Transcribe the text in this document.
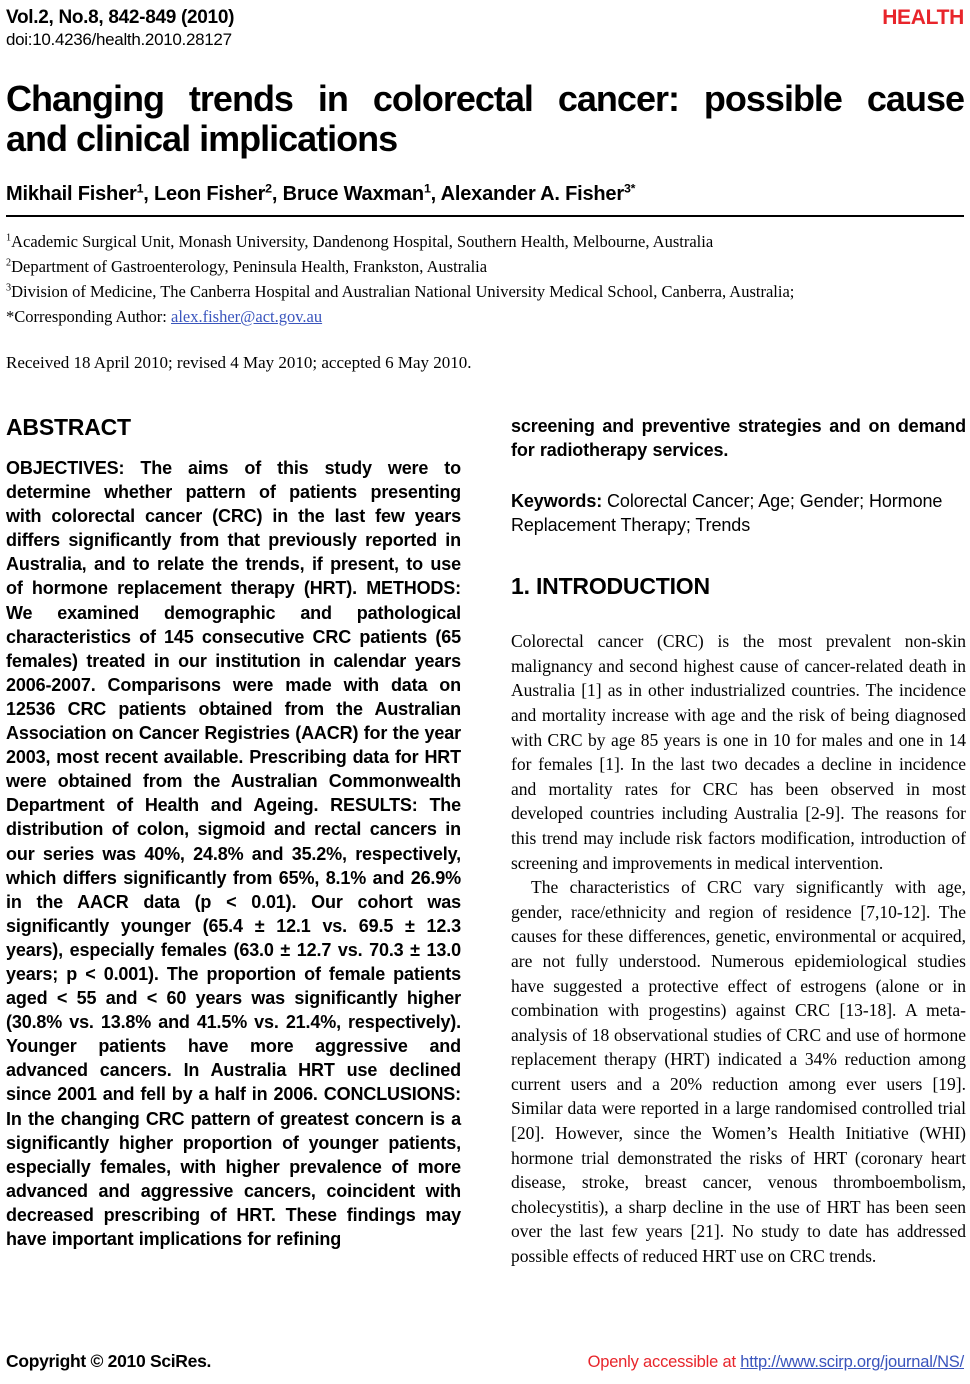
Vol.2, No.8, 842-849 (2010)
doi:10.4236/health.2010.28127
HEALTH
Changing trends in colorectal cancer: possible cause
and clinical implications
Mikhail Fisher$^1$, Leon Fisher$^2$, Bruce Waxman$^1$, Alexander A. Fisher$^{3*}$
$^1$Academic Surgical Unit, Monash University, Dandenong Hospital, Southern Health, Melbourne, Australia
$^2$Department of Gastroenterology, Peninsula Health, Frankston, Australia
$^3$Division of Medicine, The Canberra Hospital and Australian National University Medical School, Canberra, Australia;
*Corresponding Author: alex.fisher@act.gov.au
Received 18 April 2010; revised 4 May 2010; accepted 6 May 2010.
ABSTRACT
OBJECTIVES: The aims of this study were to determine whether pattern of patients presenting with colorectal cancer (CRC) in the last few years differs significantly from that previously reported in Australia, and to relate the trends, if present, to use of hormone replacement therapy (HRT). METHODS: We examined demographic and pathological characteristics of 145 consecutive CRC patients (65 females) treated in our institution in calendar years 2006-2007. Comparisons were made with data on 12536 CRC patients obtained from the Australian Association on Cancer Registries (AACR) for the year 2003, most recent available. Prescribing data for HRT were obtained from the Australian Commonwealth Department of Health and Ageing. RESULTS: The distribution of colon, sigmoid and rectal cancers in our series was 40%, 24.8% and 35.2%, respectively, which differs significantly from 65%, 8.1% and 26.9% in the AACR data (p < 0.01). Our cohort was significantly younger (65.4 ± 12.1 vs. 69.5 ± 12.3 years), especially females (63.0 ± 12.7 vs. 70.3 ± 13.0 years; p < 0.001). The proportion of female patients aged < 55 and < 60 years was significantly higher (30.8% vs. 13.8% and 41.5% vs. 21.4%, respectively). Younger patients have more aggressive and advanced cancers. In Australia HRT use declined since 2001 and fell by a half in 2006. CONCLUSIONS: In the changing CRC pattern of greatest concern is a significantly higher proportion of younger patients, especially females, with higher prevalence of more advanced and aggressive cancers, coincident with decreased prescribing of HRT. These findings may have important implications for refining
screening and preventive strategies and on demand for radiotherapy services.
Keywords: Colorectal Cancer; Age; Gender; Hormone Replacement Therapy; Trends
1. INTRODUCTION

Colorectal cancer (CRC) is the most prevalent non-skin malignancy and second highest cause of cancer-related death in Australia [1] as in other industrialized countries. The incidence and mortality increase with age and the risk of being diagnosed with CRC by age 85 years is one in 10 for males and one in 14 for females [1]. In the last two decades a decline in incidence and mortality rates for CRC has been observed in most developed countries including Australia [2-9]. The reasons for this trend may include risk factors modification, introduction of screening and improvements in medical intervention.

The characteristics of CRC vary significantly with age, gender, race/ethnicity and region of residence [7,10-12]. The causes for these differences, genetic, environmental or acquired, are not fully understood. Numerous epidemiological studies have suggested a protective effect of estrogens (alone or in combination with progestins) against CRC [13-18]. A meta-analysis of 18 observational studies of CRC and use of hormone replacement therapy (HRT) indicated a 34% reduction among current users and a 20% reduction among ever users [19]. Similar data were reported in a large randomised controlled trial [20]. However, since the Women’s Health Initiative (WHI) hormone trial demonstrated the risks of HRT (coronary heart disease, stroke, breast cancer, venous thromboembolism, cholecystitis), a sharp decline in the use of HRT has been seen over the last few years [21]. No study to date has addressed possible effects of reduced HRT use on CRC trends.

Copyright © 2010 SciRes.	Openly accessible at http://www.scirp.org/journal/NS/
